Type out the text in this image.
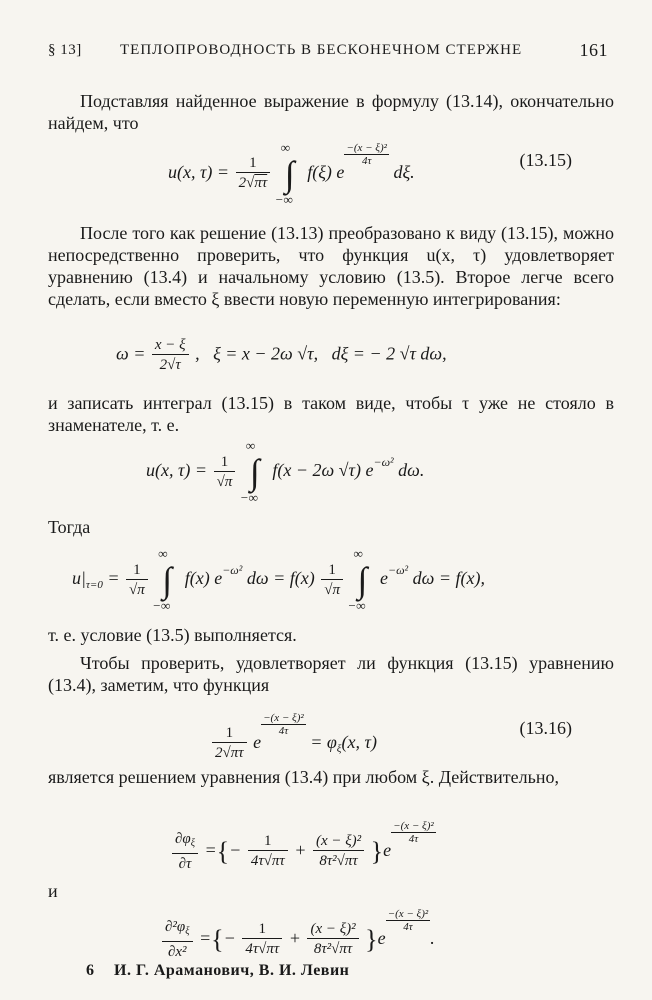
§ 13]	ТЕПЛОПРОВОДНОСТЬ В БЕСКОНЕЧНОМ СТЕРЖНЕ	161
Подставляя найденное выражение в формулу (13.14), окончательно найдем, что
u(x, $\tau) = \frac{1}{2√\pi\tau}$

∞
∫
−∞
f(ξ) e
$\frac{\text{−(x − ξ)²}}{4\tau}$
dξ.
(13.15)
После того как решение (13.13) преобразовано к виду (13.15), можно непосредственно проверить, что функция u(x, τ) удовлетворяет уравнению (13.4) и начальному условию (13.5). Второе легче всего сделать, если вместо ξ ввести новую переменную интегрирования:
$\omega = \frac{x - \xi}{2√\tau}$ ,   ξ = x − 2ω √τ,   dξ = − 2 √τ dω,
и записать интеграл (13.15) в таком виде, чтобы τ уже не стояло в знаменателе, т. е.
u(x, $\tau) = \frac{1}{√\pi}$

∞
∫
−∞
f(x − 2ω √τ) $e^{-\omega^2}$ dω.
Тогда
$u|_{\tau=0} = \frac{1}{√\pi}$

∞
∫
−∞
f(x) $e^{-\omega^2}$ $d\omega = f(x) \frac{1}{√\pi}$

∞
∫
−∞
$e^{-\omega^2}$ dω = f(x),
т. е. условие (13.5) выполняется.
Чтобы проверить, удовлетворяет ли функция (13.15) уравнению (13.4), заметим, что функция
$\frac{1}{2√\pi\tau}$ e
$\frac{\text{−(x − ξ)²}}{4\tau}$
= $\varphi_\xi(x$, τ)
(13.16)
является решением уравнения (13.4) при любом ξ. Действительно,
$\frac{\partial\varphi_\xi}{\partial\tau}$ ={− $\frac{1}{4\tau√\pi\tau} + \frac{\text{(x − ξ)²}}{\text{8τ²√πτ}} \}e$
$\frac{\text{−(x − ξ)²}}{4\tau}$
и
$\frac{\partial^2\varphi_\xi}{\text{∂x²}}$ ={− $\frac{1}{4\tau√\pi\tau} + \frac{\text{(x − ξ)²}}{\text{8τ²√πτ}} \}e$
$\frac{\text{−(x − ξ)²}}{4\tau}$
.
6 И. Г. Араманович, В. И. Левин
